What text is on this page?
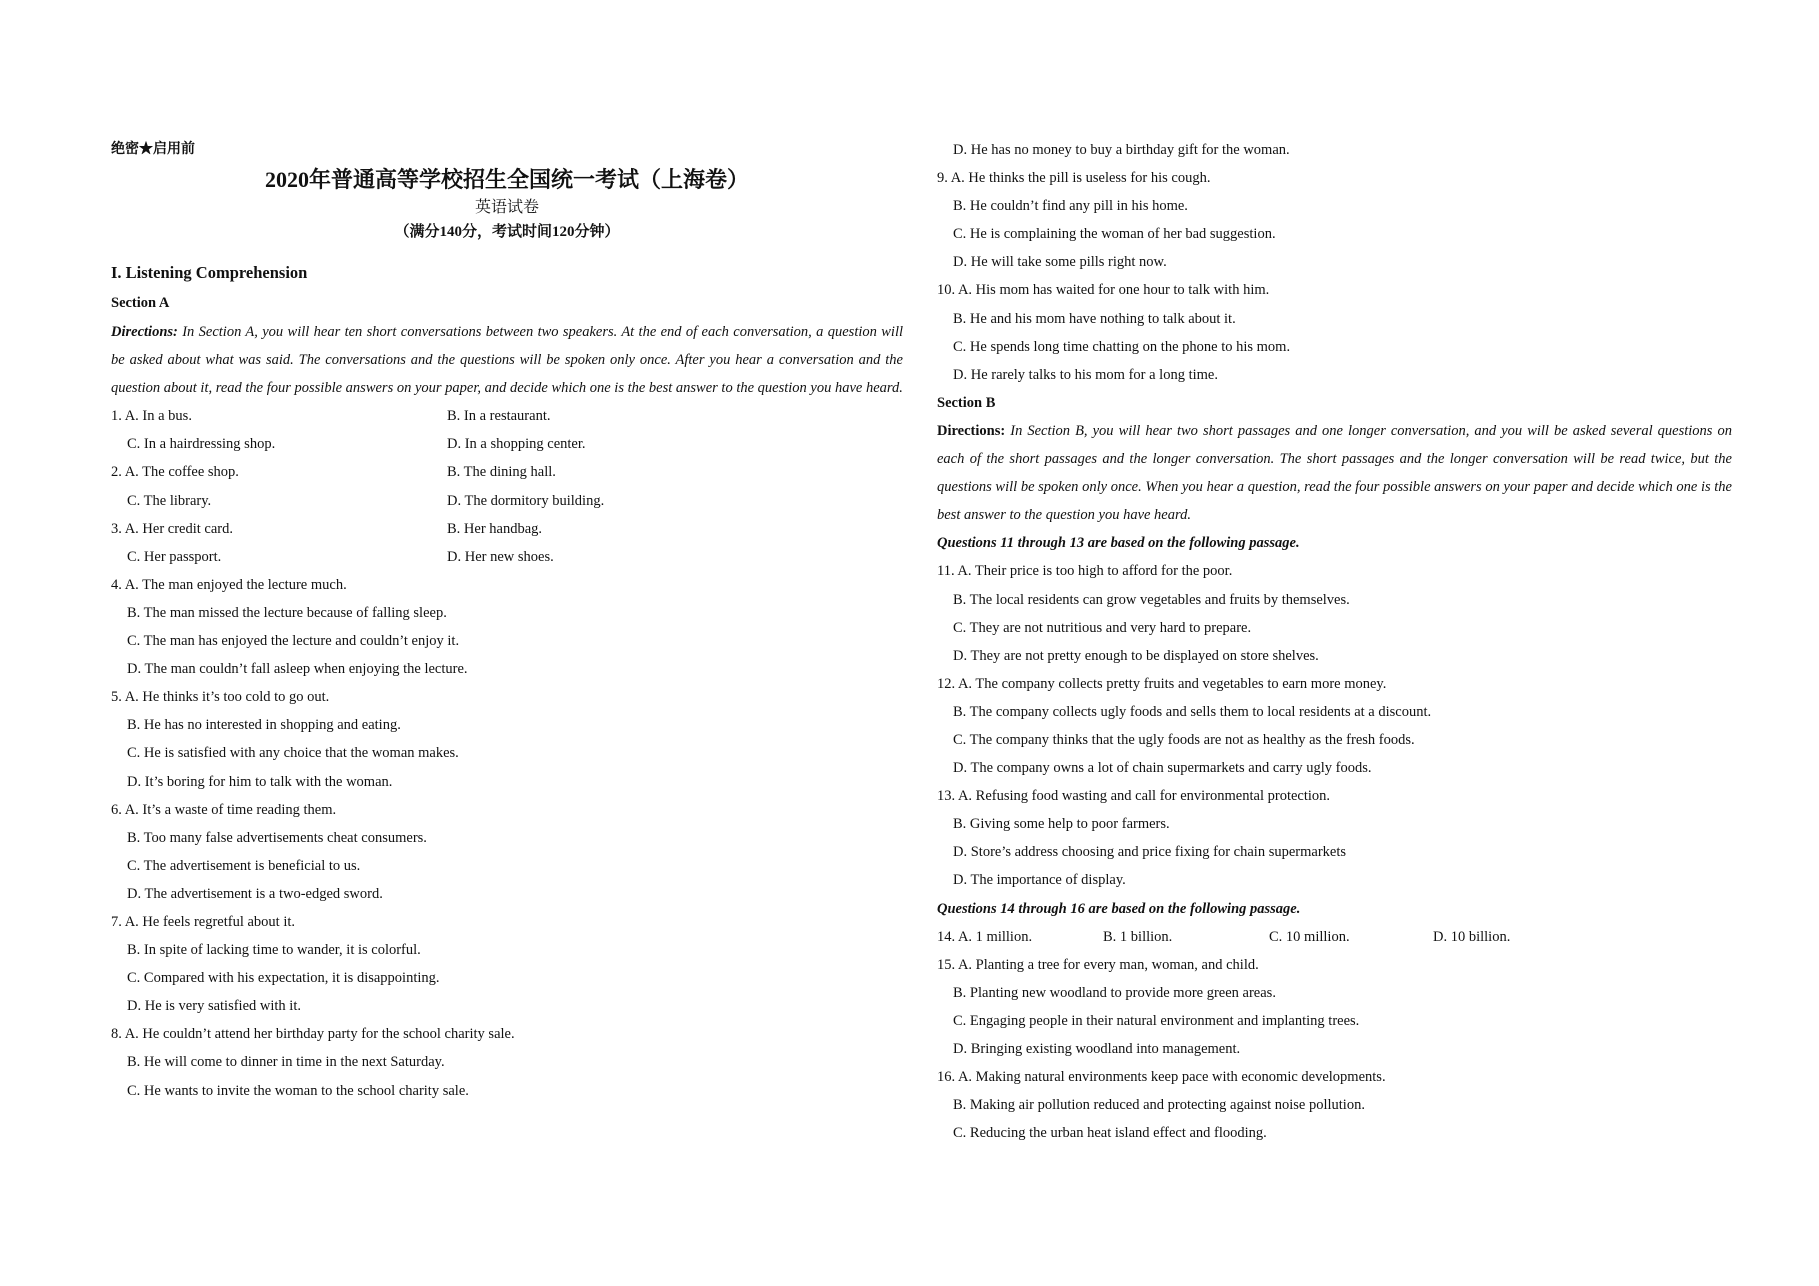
绝密★启用前
2020年普通高等学校招生全国统一考试（上海卷）
英语试卷
（满分140分，考试时间120分钟）
I. Listening Comprehension
Section A
Directions: In Section A, you will hear ten short conversations between two speakers. At the end of each conversation, a question will be asked about what was said. The conversations and the questions will be spoken only once. After you hear a conversation and the question about it, read the four possible answers on your paper, and decide which one is the best answer to the question you have heard.
1. A. In a bus.	B. In a restaurant.
C. In a hairdressing shop.	D. In a shopping center.
2. A. The coffee shop.	B. The dining hall.
C. The library.	D. The dormitory building.
3. A. Her credit card.	B. Her handbag.
C. Her passport.	D. Her new shoes.
4. A. The man enjoyed the lecture much.
B. The man missed the lecture because of falling sleep.
C. The man has enjoyed the lecture and couldn’t enjoy it.
D. The man couldn’t fall asleep when enjoying the lecture.
5. A. He thinks it’s too cold to go out.
B. He has no interested in shopping and eating.
C. He is satisfied with any choice that the woman makes.
D. It’s boring for him to talk with the woman.
6. A. It’s a waste of time reading them.
B. Too many false advertisements cheat consumers.
C. The advertisement is beneficial to us.
D. The advertisement is a two-edged sword.
7. A. He feels regretful about it.
B. In spite of lacking time to wander, it is colorful.
C. Compared with his expectation, it is disappointing.
D. He is very satisfied with it.
8. A. He couldn’t attend her birthday party for the school charity sale.
B. He will come to dinner in time in the next Saturday.
C. He wants to invite the woman to the school charity sale.
D. He has no money to buy a birthday gift for the woman.
9. A. He thinks the pill is useless for his cough.
B. He couldn’t find any pill in his home.
C. He is complaining the woman of her bad suggestion.
D. He will take some pills right now.
10. A. His mom has waited for one hour to talk with him.
B. He and his mom have nothing to talk about it.
C. He spends long time chatting on the phone to his mom.
D. He rarely talks to his mom for a long time.
Section B
Directions: In Section B, you will hear two short passages and one longer conversation, and you will be asked several questions on each of the short passages and the longer conversation. The short passages and the longer conversation will be read twice, but the questions will be spoken only once. When you hear a question, read the four possible answers on your paper and decide which one is the best answer to the question you have heard.
Questions 11 through 13 are based on the following passage.
11. A. Their price is too high to afford for the poor.
B. The local residents can grow vegetables and fruits by themselves.
C. They are not nutritious and very hard to prepare.
D. They are not pretty enough to be displayed on store shelves.
12. A. The company collects pretty fruits and vegetables to earn more money.
B. The company collects ugly foods and sells them to local residents at a discount.
C. The company thinks that the ugly foods are not as healthy as the fresh foods.
D. The company owns a lot of chain supermarkets and carry ugly foods.
13. A. Refusing food wasting and call for environmental protection.
B. Giving some help to poor farmers.
D. Store’s address choosing and price fixing for chain supermarkets
D. The importance of display.
Questions 14 through 16 are based on the following passage.
14. A. 1 million.	B. 1 billion.	C. 10 million.	D. 10 billion.
15. A. Planting a tree for every man, woman, and child.
B. Planting new woodland to provide more green areas.
C. Engaging people in their natural environment and implanting trees.
D. Bringing existing woodland into management.
16. A. Making natural environments keep pace with economic developments.
B. Making air pollution reduced and protecting against noise pollution.
C. Reducing the urban heat island effect and flooding.
